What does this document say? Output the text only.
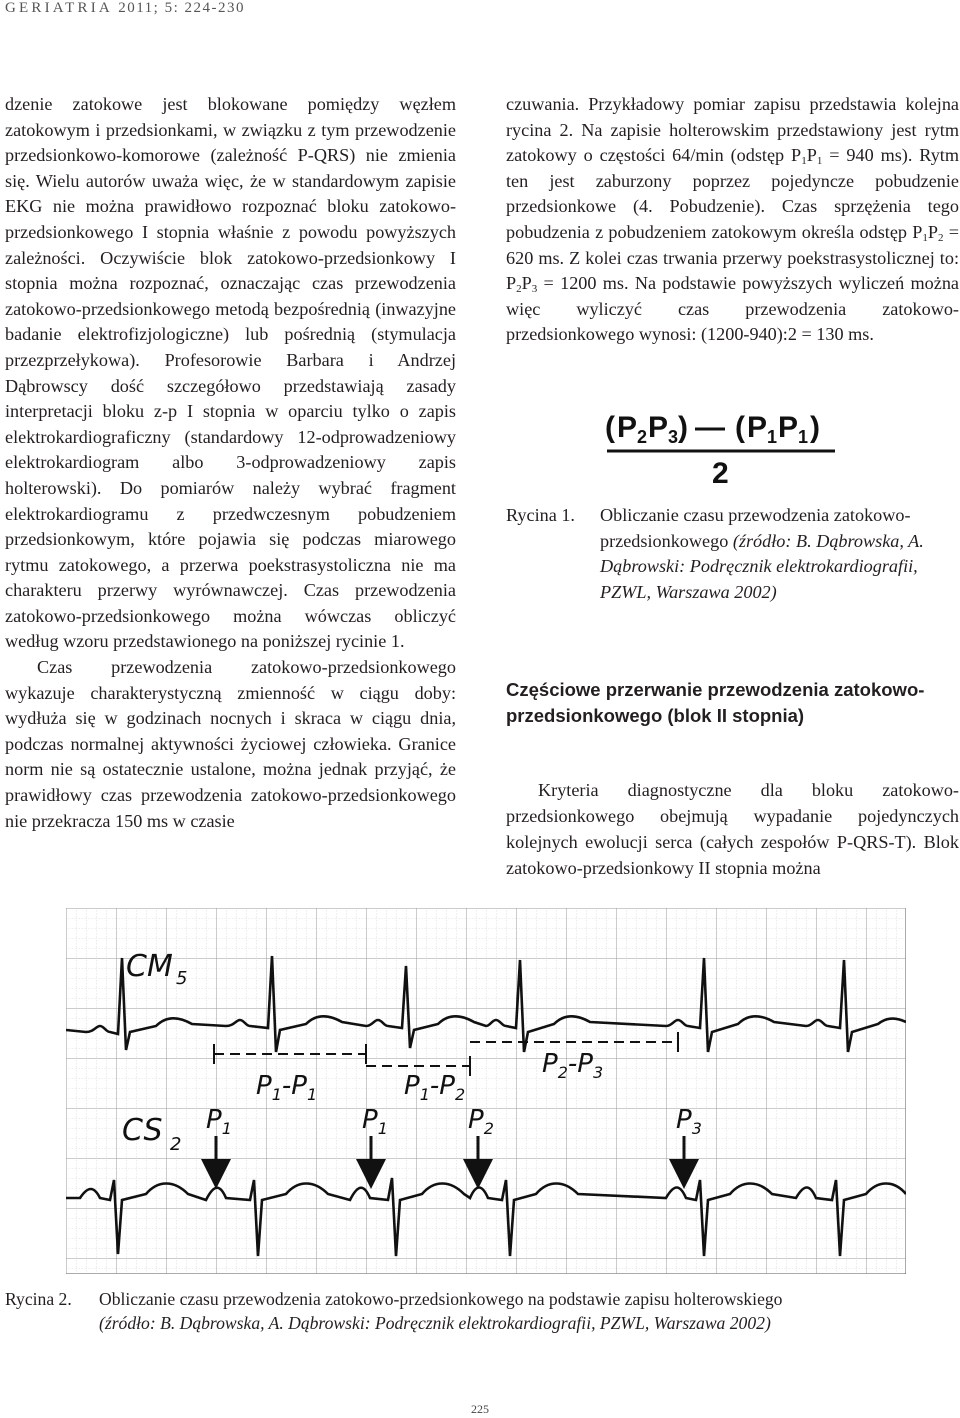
GERIATRIA 2011; 5: 224-230

dzenie zatokowe jest blokowane pomiędzy węzłem zatokowym i przedsionkami, w związku z tym przewodzenie przedsionkowo-komorowe (zależność P-QRS) nie zmienia się. Wielu autorów uważa więc, że w standardowym zapisie EKG nie można prawidłowo rozpoznać bloku zatokowo-przedsionkowego I stopnia właśnie z powodu powyższych zależności. Oczywiście blok zatokowo-przedsionkowy I stopnia można rozpoznać, oznaczając czas przewodzenia zatokowo-przedsionkowego metodą bezpośrednią (inwazyjne badanie elektrofizjologiczne) lub pośrednią (stymulacja przezprzełykowa). Profesorowie Barbara i Andrzej Dąbrowscy dość szczegółowo przedstawiają zasady interpretacji bloku z-p I stopnia w oparciu tylko o zapis elektrokardiograficzny (standardowy 12-odprowadzeniowy elektrokardiogram albo 3-odprowadzeniowy zapis holterowski). Do pomiarów należy wybrać fragment elektrokardiogramu z przedwczesnym pobudzeniem przedsionkowym, które pojawia się podczas miarowego rytmu zatokowego, a przerwa poekstrasystoliczna nie ma charakteru przerwy wyrównawczej. Czas przewodzenia zatokowo-przedsionkowego można wówczas obliczyć według wzoru przedstawionego na poniższej rycinie 1.

Czas przewodzenia zatokowo-przedsionkowego wykazuje charakterystyczną zmienność w ciągu doby: wydłuża się w godzinach nocnych i skraca w ciągu dnia, podczas normalnej aktywności życiowej człowieka. Granice norm nie są ostatecznie ustalone, można jednak przyjąć, że prawidłowy czas przewodzenia zatokowo-przedsionkowego nie przekracza 150 ms w czasie

czuwania. Przykładowy pomiar zapisu przedstawia kolejna rycina 2. Na zapisie holterowskim przedstawiony jest rytm zatokowy o częstości 64/min (odstęp $P_1P_1 = 940$ ms). Rytm ten jest zaburzony poprzez pojedyncze pobudzenie przedsionkowe (4. Pobudzenie). Czas sprzężenia tego pobudzenia z pobudzeniem zatokowym określa odstęp $P_1P_2 = 620$ ms. Z kolei czas trwania przerwy poekstrasystolicznej to: $P_2P_3 = 1200$ ms. Na podstawie powyższych wyliczeń można więc wyliczyć czas przewodzenia zatokowo-przedsionkowego wynosi: (1200-940):2 = 130 ms.

( P 2 P 3 ) — ( P 1 P 1 )
2
Rycina 1. Obliczanie czasu przewodzenia zatokowo-przedsionkowego (źródło: B. Dąbrowska, A. Dąbrowski: Podręcznik elektrokardiografii, PZWL, Warszawa 2002)
Częściowe przerwanie przewodzenia zatokowo-przedsionkowego (blok II stopnia)

Kryteria diagnostyczne dla bloku zatokowo-przedsionkowego obejmują wypadanie pojedynczych kolejnych ewolucji serca (całych zespołów P-QRS-T). Blok zatokowo-przedsionkowy II stopnia można

CM 5
CS 2
$P_1-P_1$	$P_1-P_2$
$P_2-P_3$
$P_1$	$P_1$	$P_2$	$P_3$
Rycina 2. Obliczanie czasu przewodzenia zatokowo-przedsionkowego na podstawie zapisu holterowskiego
(źródło: B. Dąbrowska, A. Dąbrowski: Podręcznik elektrokardiografii, PZWL, Warszawa 2002)
225
